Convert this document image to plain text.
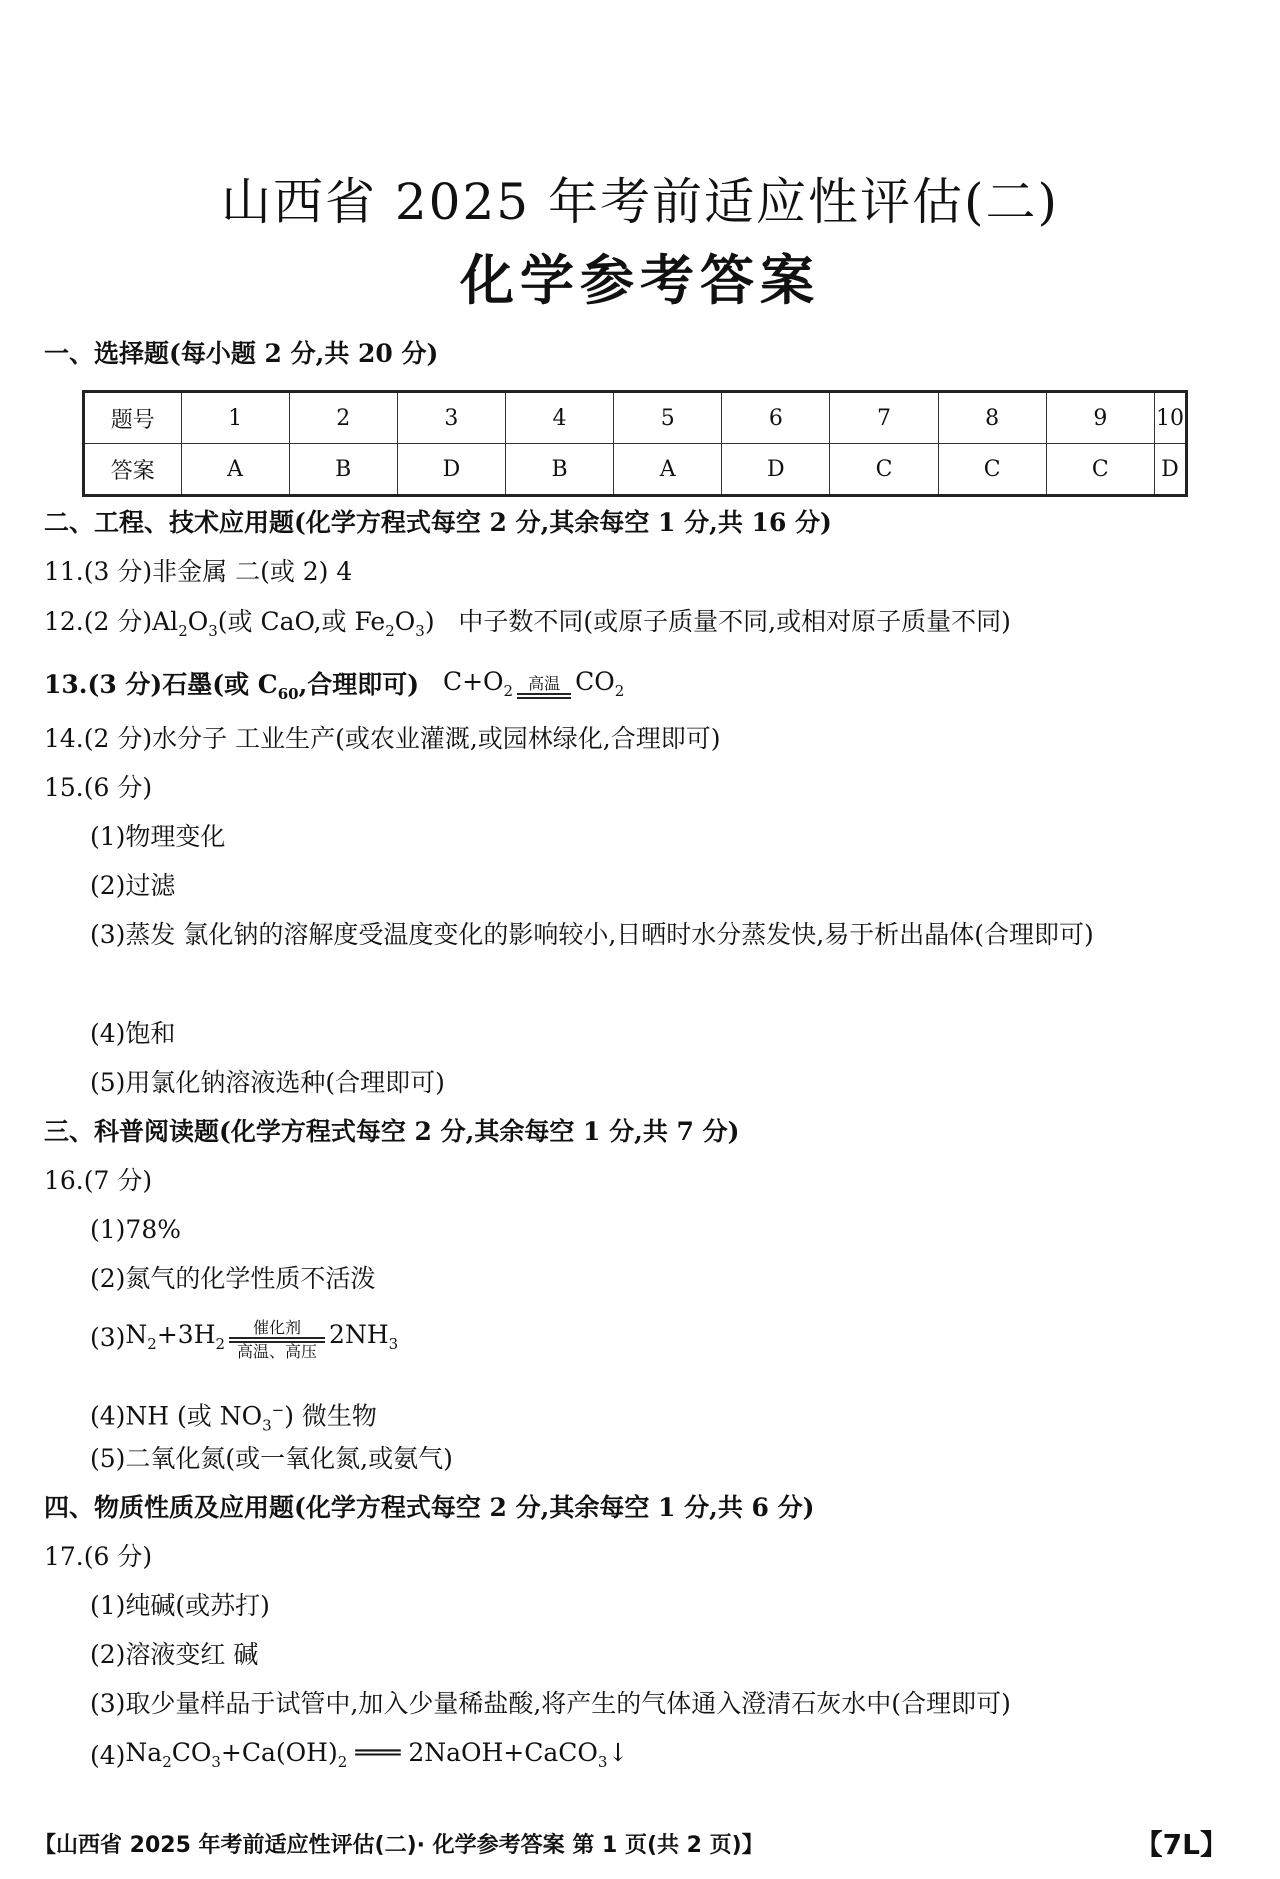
山西省 2025 年考前适应性评估(二)
化学参考答案
一、选择题(每小题 2 分,共 20 分)
题号	1	2	3	4	5	6	7	8	9	10
答案	A	B	D	B	A	D	C	C	C	D
二、工程、技术应用题(化学方程式每空 2 分,其余每空 1 分,共 16 分)
11.(3 分)非金属 二(或 2) 4
12.(2 分)$Al_2O_3$(或 CaO,或 $Fe_2O_3$) 中子数不同(或原子质量不同,或相对原子质量不同)
13.(3 分)石墨(或 $C_{60}$,合理即可) $C+O_2$ 高温 $CO_2$
14.(2 分)水分子 工业生产(或农业灌溉,或园林绿化,合理即可)
15.(6 分)
(1)物理变化
(2)过滤
(3)蒸发 氯化钠的溶解度受温度变化的影响较小,日晒时水分蒸发快,易于析出晶体(合理即可)
(4)饱和
(5)用氯化钠溶液选种(合理即可)
三、科普阅读题(化学方程式每空 2 分,其余每空 1 分,共 7 分)
16.(7 分)
(1)78%
(2)氮气的化学性质不活泼
$(3)N_2+3H_2$
催化剂
高温、高压
$2NH_3$
(4)NH (或 $NO_3^-$) 微生物
(5)二氧化氮(或一氧化氮,或氨气)
四、物质性质及应用题(化学方程式每空 2 分,其余每空 1 分,共 6 分)
17.(6 分)
(1)纯碱(或苏打)
(2)溶液变红 碱
(3)取少量样品于试管中,加入少量稀盐酸,将产生的气体通入澄清石灰水中(合理即可)
$(4)Na_2CO_3+Ca(OH)_2$ ═══ 2NaOH+CaCO$_3$↓
【山西省 2025 年考前适应性评估(二)· 化学参考答案 第 1 页(共 2 页)】	【7L】
